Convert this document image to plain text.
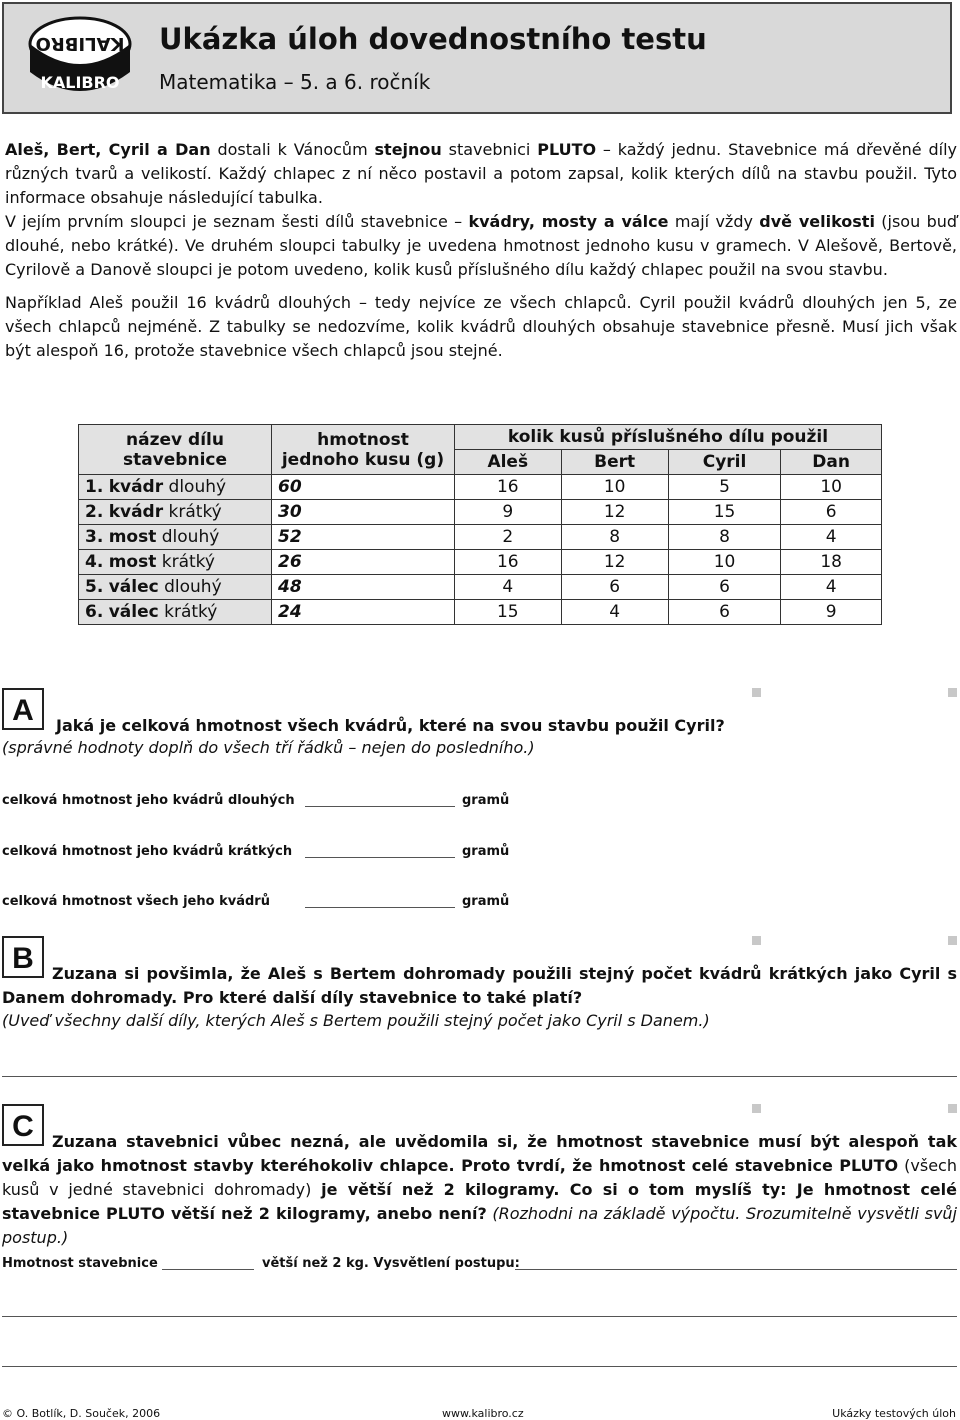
KALIBRO
KALIBRO
Ukázka úloh dovednostního testu
Matematika – 5. a 6. ročník

Aleš, Bert, Cyril a Dan dostali k Vánocům stejnou stavebnici PLUTO – každý jednu. Stavebnice má dřevěné díly různých tvarů a velikostí. Každý chlapec z ní něco postavil a potom zapsal, kolik kterých dílů na stavbu použil. Tyto informace obsahuje následující tabulka.

V jejím prvním sloupci je seznam šesti dílů stavebnice – kvádry, mosty a válce mají vždy dvě velikosti (jsou buď dlouhé, nebo krátké). Ve druhém sloupci tabulky je uvedena hmotnost jednoho kusu v gramech. V Alešově, Bertově, Cyrilově a Danově sloupci je potom uvedeno, kolik kusů příslušného dílu každý chlapec použil na svou stavbu.

Například Aleš použil 16 kvádrů dlouhých – tedy nejvíce ze všech chlapců. Cyril použil kvádrů dlouhých jen 5, ze všech chlapců nejméně. Z tabulky se nedozvíme, kolik kvádrů dlouhých obsahuje stavebnice přesně. Musí jich však být alespoň 16, protože stavebnice všech chlapců jsou stejné.

název dílu stavebnice	hmotnost jednoho kusu (g)	kolik kusů příslušného dílu použil			
		Aleš	Bert	Cyril	Dan
1. kvádr dlouhý	60	16	10	5	10
2. kvádr krátký	30	9	12	15	6
3. most dlouhý	52	2	8	8	4
4. most krátký	26	16	12	10	18
5. válec dlouhý	48	4	6	6	4
6. válec krátký	24	15	4	6	9
A	Jaká je celková hmotnost všech kvádrů, které na svou stavbu použil Cyril?
(správné hodnoty doplň do všech tří řádků – nejen do posledního.)
celková hmotnost jeho kvádrů dlouhých	gramů
celková hmotnost jeho kvádrů krátkých	gramů
celková hmotnost všech jeho kvádrů	gramů
B	Zuzana si povšimla, že Aleš s Bertem dohromady použili stejný počet kvádrů krátkých jako Cyril s Danem dohromady. Pro které další díly stavebnice to také platí?
(Uveď všechny další díly, kterých Aleš s Bertem použili stejný počet jako Cyril s Danem.)
C	Zuzana stavebnici vůbec nezná, ale uvědomila si, že hmotnost stavebnice musí být alespoň tak velká jako hmotnost stavby kteréhokoliv chlapce. Proto tvrdí, že hmotnost celé stavebnice PLUTO (všech kusů v jedné stavebnici dohromady) je větší než 2 kilogramy. Co si o tom myslíš ty: Je hmotnost celé stavebnice PLUTO větší než 2 kilogramy, anebo není? (Rozhodni na základě výpočtu. Srozumitelně vysvětli svůj postup.)
Hmotnost stavebnice	větší než 2 kg. Vysvětlení postupu:
© O. Botlík, D. Souček, 2006	www.kalibro.cz	Ukázky testových úloh
